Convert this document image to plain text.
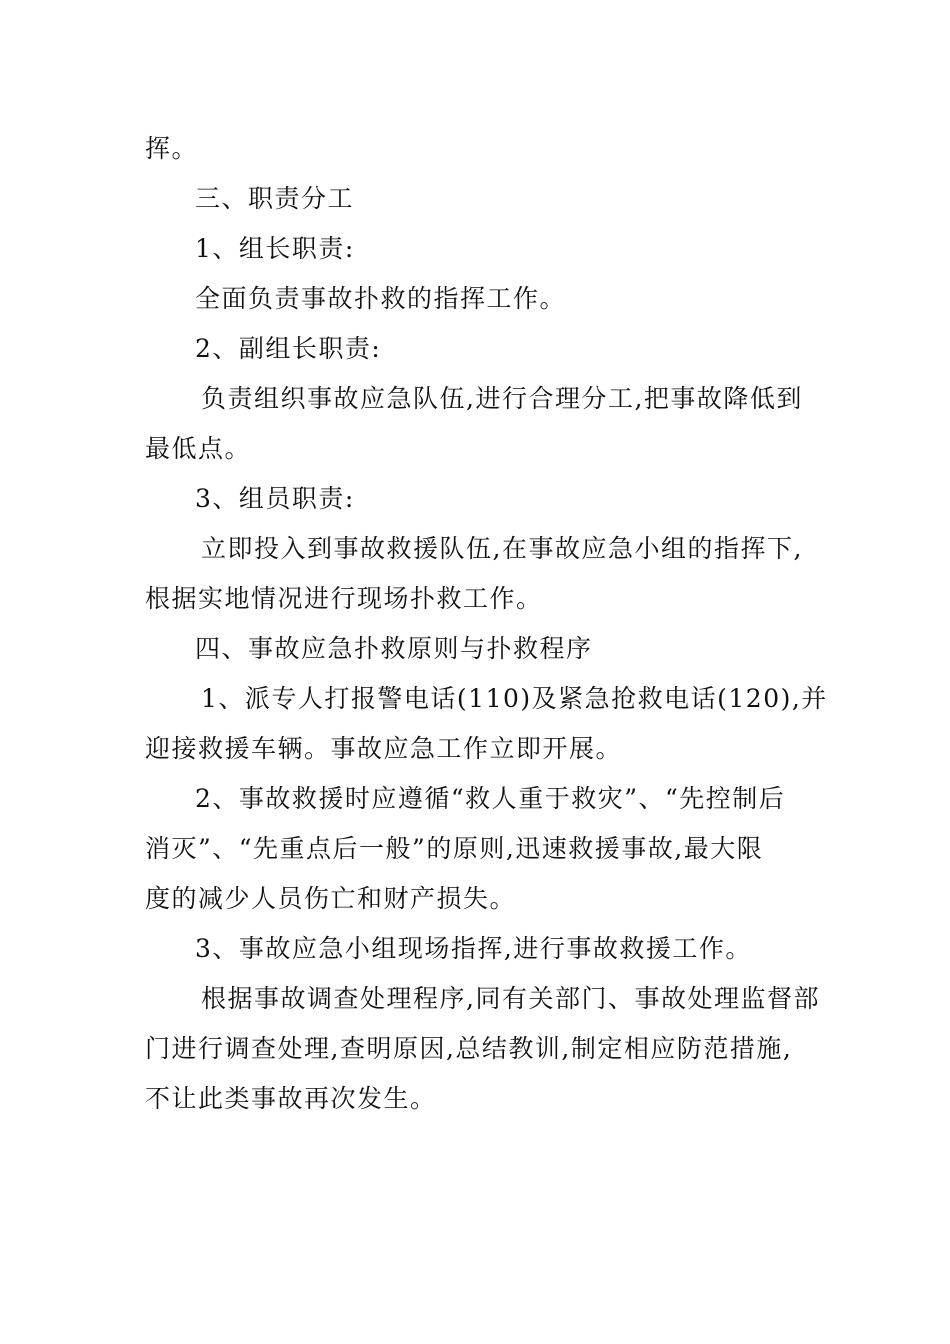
挥。

三、职责分工

1、组长职责:

全面负责事故扑救的指挥工作。

2、副组长职责:

负责组织事故应急队伍,进行合理分工,把事故降低到
最低点。

3、组员职责:

立即投入到事故救援队伍,在事故应急小组的指挥下,
根据实地情况进行现场扑救工作。

四、事故应急扑救原则与扑救程序

1、派专人打报警电话(110)及紧急抢救电话(120),并
迎接救援车辆。事故应急工作立即开展。

2、事故救援时应遵循“救人重于救灾”、“先控制后
消灭”、“先重点后一般”的原则,迅速救援事故,最大限
度的减少人员伤亡和财产损失。

3、事故应急小组现场指挥,进行事故救援工作。

根据事故调查处理程序,同有关部门、事故处理监督部
门进行调查处理,查明原因,总结教训,制定相应防范措施,
不让此类事故再次发生。
